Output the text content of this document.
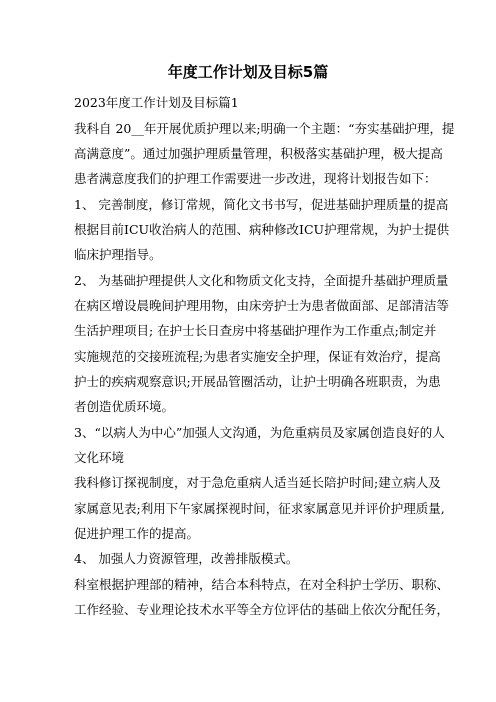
年度工作计划及目标5篇
2023年度工作计划及目标篇1
我科自 20__年开展优质护理以来;明确一个主题：“夯实基础护理，提
高满意度”。通过加强护理质量管理，积极落实基础护理，极大提高
患者满意度我们的护理工作需要进一步改进，现将计划报告如下：
1、 完善制度，修订常规，简化文书书写，促进基础护理质量的提高
根据目前ICU收治病人的范围、病种修改ICU护理常规，为护士提供
临床护理指导。
2、 为基础护理提供人文化和物质文化支持，全面提升基础护理质量
在病区增设晨晚间护理用物，由床旁护士为患者做面部、足部清洁等
生活护理项目; 在护士长日查房中将基础护理作为工作重点;制定并
实施规范的交接班流程;为患者实施安全护理，保证有效治疗，提高
护士的疾病观察意识;开展品管圈活动，让护士明确各班职责，为患
者创造优质环境。
3、“以病人为中心”加强人文沟通，为危重病员及家属创造良好的人
文化环境
我科修订探视制度，对于急危重病人适当延长陪护时间;建立病人及
家属意见表;利用下午家属探视时间，征求家属意见并评价护理质量,
促进护理工作的提高。
4、 加强人力资源管理，改善排版模式。
科室根据护理部的精神，结合本科特点，在对全科护士学历、职称、
工作经验、专业理论技术水平等全方位评估的基础上依次分配任务，
